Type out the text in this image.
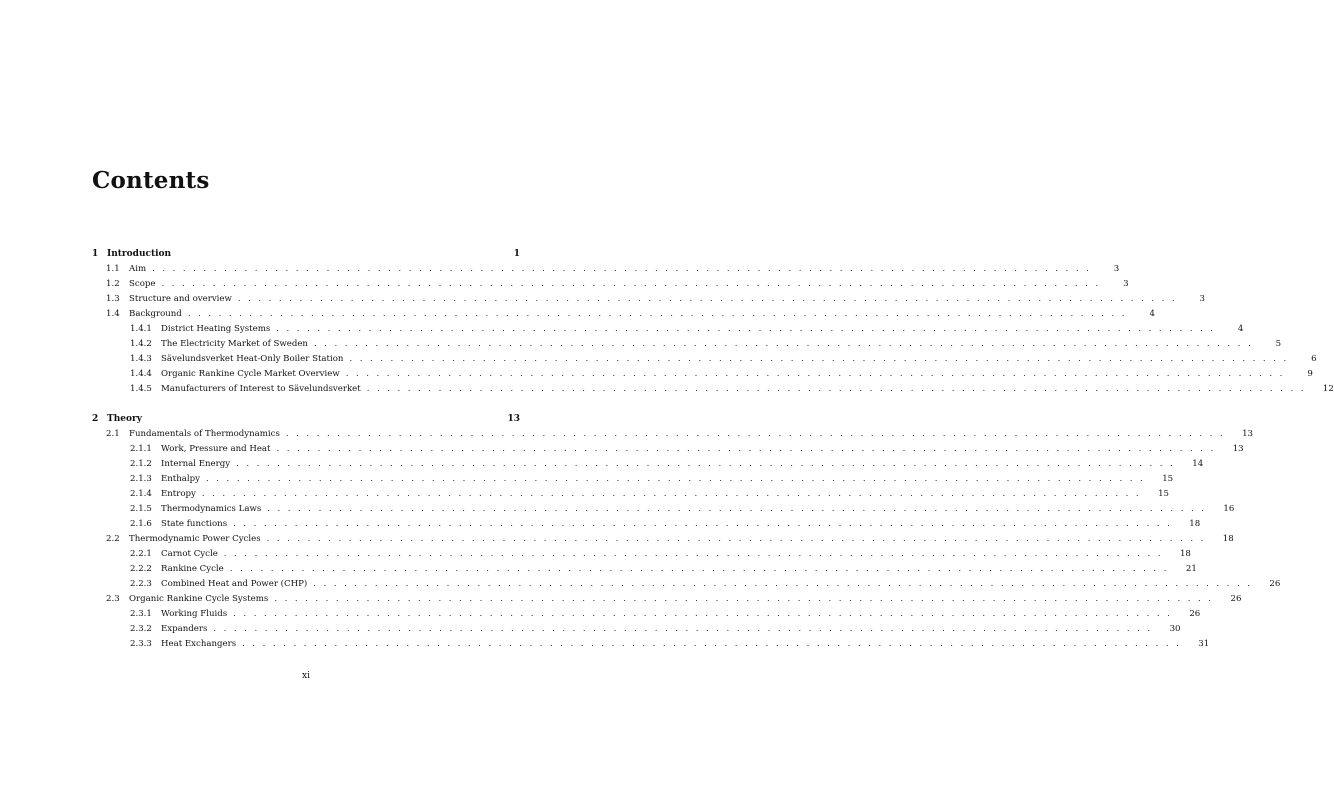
Contents
1 Introduction	1
1.1	Aim . . .	3
1.2	Scope . . .	3
1.3	Structure and overview . . .	3
1.4	Background . . .	4
1.4.1	District Heating Systems . . .	4
1.4.2	The Electricity Market of Sweden . . .	5
1.4.3	Sävelundsverket Heat-Only Boiler Station . . .	6
1.4.4	Organic Rankine Cycle Market Overview . . .	9
1.4.5	Manufacturers of Interest to Sävelundsverket . . .	12
2 Theory	13
2.1	Fundamentals of Thermodynamics . . .	13
2.1.1	Work, Pressure and Heat . . .	13
2.1.2	Internal Energy . . .	14
2.1.3	Enthalpy . . .	15
2.1.4	Entropy . . .	15
2.1.5	Thermodynamics Laws . . .	16
2.1.6	State functions . . .	18
2.2	Thermodynamic Power Cycles . . .	18
2.2.1	Carnot Cycle . . .	18
2.2.2	Rankine Cycle . . .	21
2.2.3	Combined Heat and Power (CHP) . . .	26
2.3	Organic Rankine Cycle Systems . . .	26
2.3.1	Working Fluids . . .	26
2.3.2	Expanders . . .	30
2.3.3	Heat Exchangers . . .	31
xi
